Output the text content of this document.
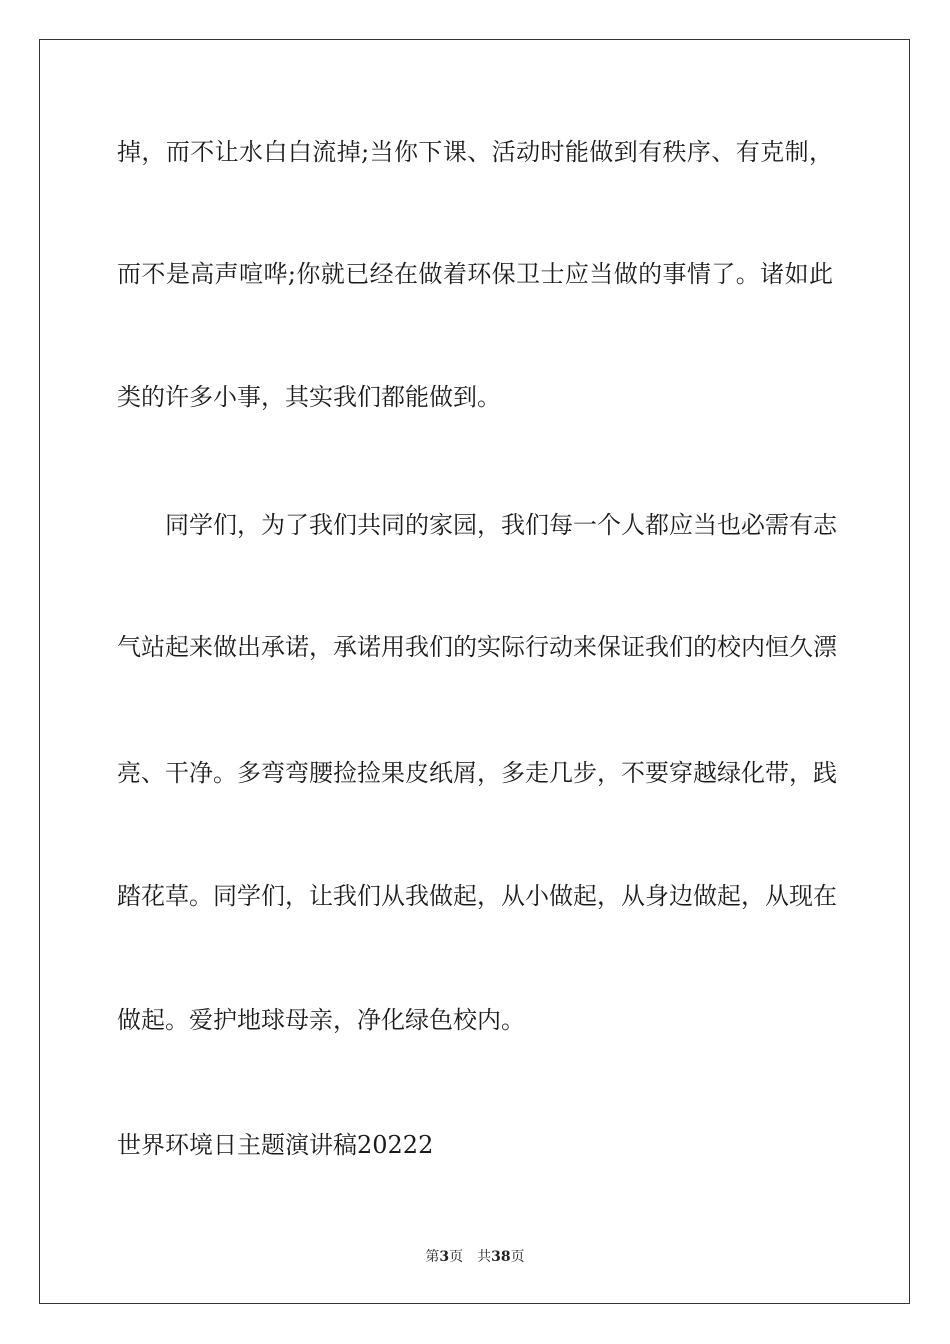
掉，而不让水白白流掉;当你下课、活动时能做到有秩序、有克制，
而不是高声喧哗;你就已经在做着环保卫士应当做的事情了。诸如此
类的许多小事，其实我们都能做到。
同学们，为了我们共同的家园，我们每一个人都应当也必需有志
气站起来做出承诺，承诺用我们的实际行动来保证我们的校内恒久漂
亮、干净。多弯弯腰捡捡果皮纸屑，多走几步，不要穿越绿化带，践
踏花草。同学们，让我们从我做起，从小做起，从身边做起，从现在
做起。爱护地球母亲，净化绿色校内。
世界环境日主题演讲稿20222
第3页　共38页
